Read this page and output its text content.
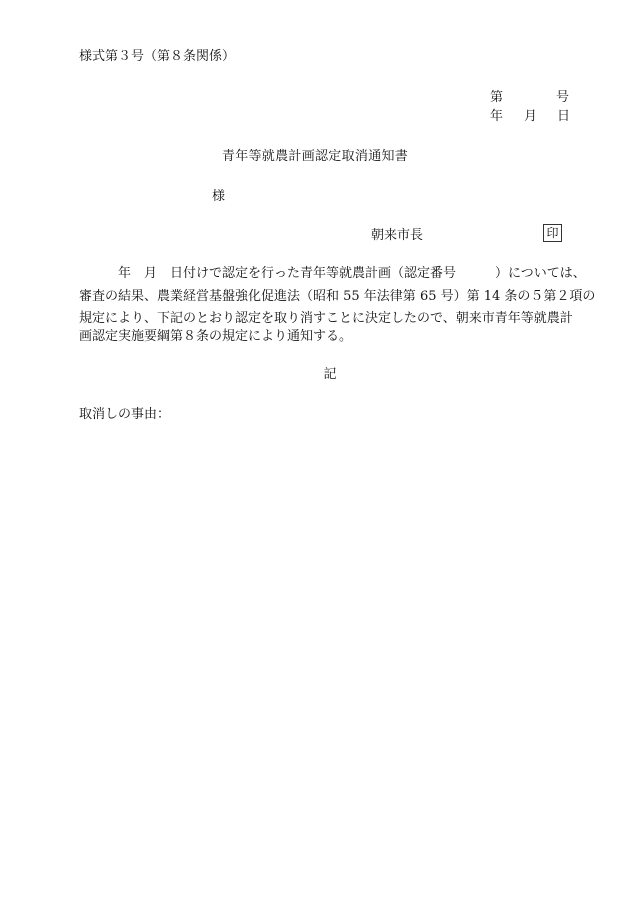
様式第３号（第８条関係）
第	号
年 月 日
青年等就農計画認定取消通知書
様
朝来市長	印
　　　年　月　日付けで認定を行った青年等就農計画（認定番号　　　）については、
審査の結果、農業経営基盤強化促進法（昭和 55 年法律第 65 号）第 14 条の５第２項の
規定により、下記のとおり認定を取り消すことに決定したので、朝来市青年等就農計
画認定実施要綱第８条の規定により通知する。
記
取消しの事由：
